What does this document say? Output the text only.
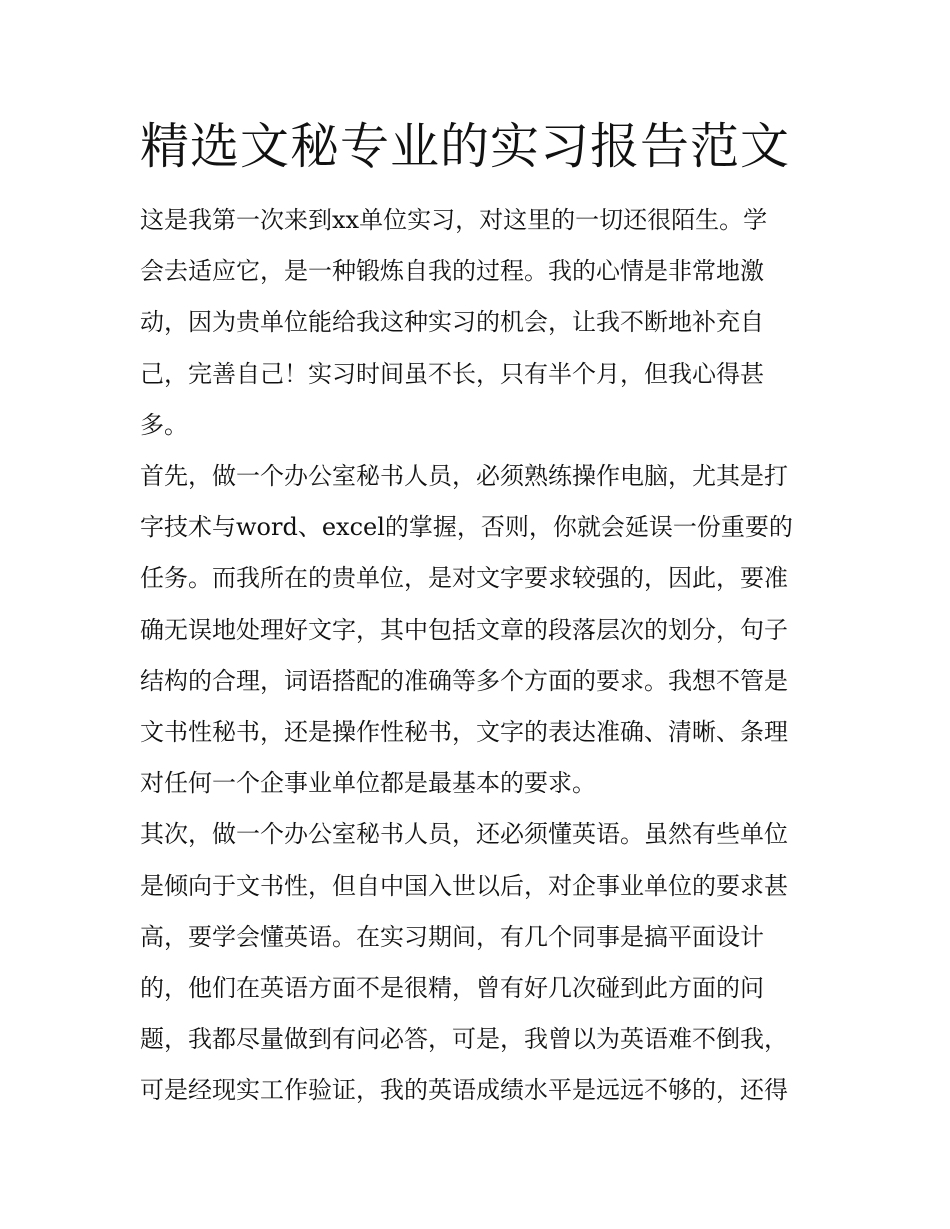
精选文秘专业的实习报告范文
这是我第一次来到xx单位实习，对这里的一切还很陌生。学
会去适应它，是一种锻炼自我的过程。我的心情是非常地激
动，因为贵单位能给我这种实习的机会，让我不断地补充自
己，完善自己！实习时间虽不长，只有半个月，但我心得甚
多。
首先，做一个办公室秘书人员，必须熟练操作电脑，尤其是打
字技术与word、excel的掌握，否则，你就会延误一份重要的
任务。而我所在的贵单位，是对文字要求较强的，因此，要准
确无误地处理好文字，其中包括文章的段落层次的划分，句子
结构的合理，词语搭配的准确等多个方面的要求。我想不管是
文书性秘书，还是操作性秘书，文字的表达准确、清晰、条理
对任何一个企事业单位都是最基本的要求。
其次，做一个办公室秘书人员，还必须懂英语。虽然有些单位
是倾向于文书性，但自中国入世以后，对企事业单位的要求甚
高，要学会懂英语。在实习期间，有几个同事是搞平面设计
的，他们在英语方面不是很精，曾有好几次碰到此方面的问
题，我都尽量做到有问必答，可是，我曾以为英语难不倒我，
可是经现实工作验证，我的英语成绩水平是远远不够的，还得
